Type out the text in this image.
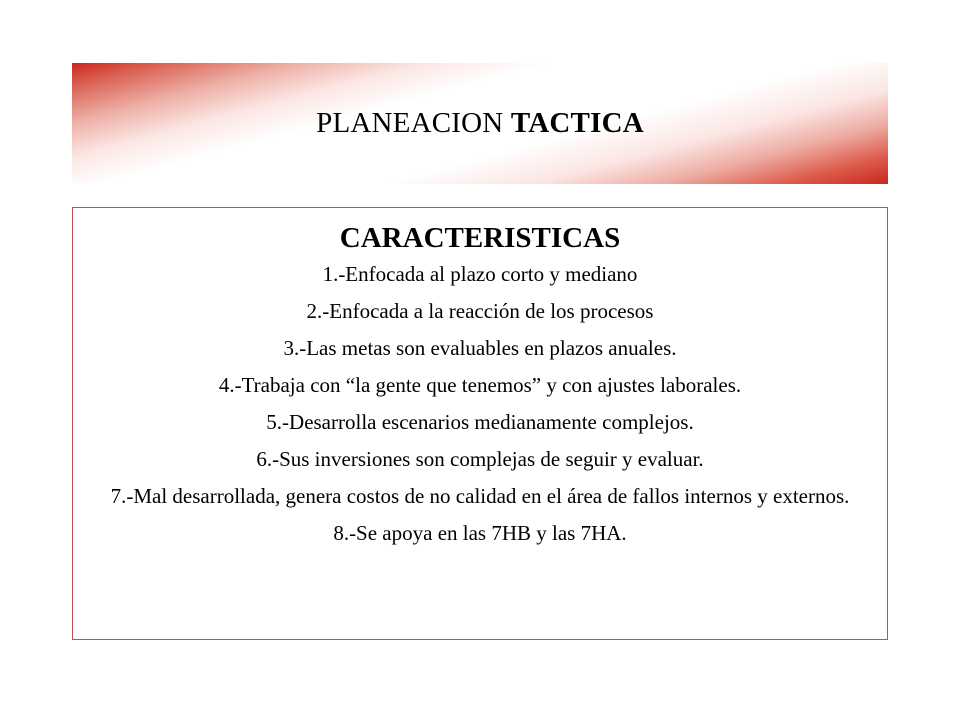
PLANEACION TACTICA
CARACTERISTICAS
1.-Enfocada al plazo corto y mediano
2.-Enfocada a la reacción de los procesos
3.-Las metas son evaluables en plazos anuales.
4.-Trabaja con “la gente que tenemos” y con ajustes laborales.
5.-Desarrolla escenarios medianamente complejos.
6.-Sus inversiones son complejas de seguir y evaluar.
7.-Mal desarrollada, genera costos de no calidad en el área de fallos internos y externos.
8.-Se apoya en las 7HB y las 7HA.
